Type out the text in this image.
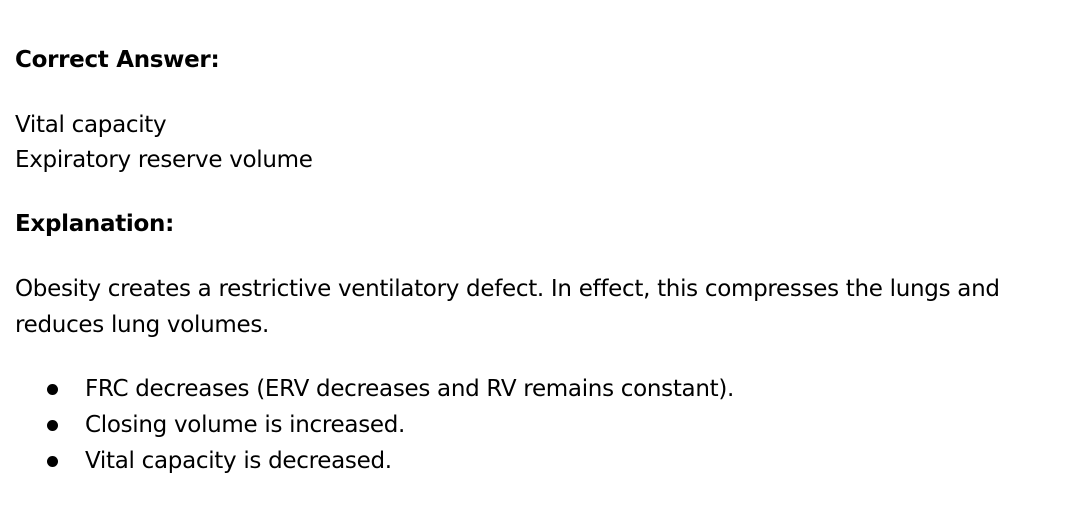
Correct Answer:
Vital capacity
Expiratory reserve volume
Explanation:
Obesity creates a restrictive ventilatory defect. In effect, this compresses the lungs and reduces lung volumes.
FRC decreases (ERV decreases and RV remains constant).
Closing volume is increased.
Vital capacity is decreased.
